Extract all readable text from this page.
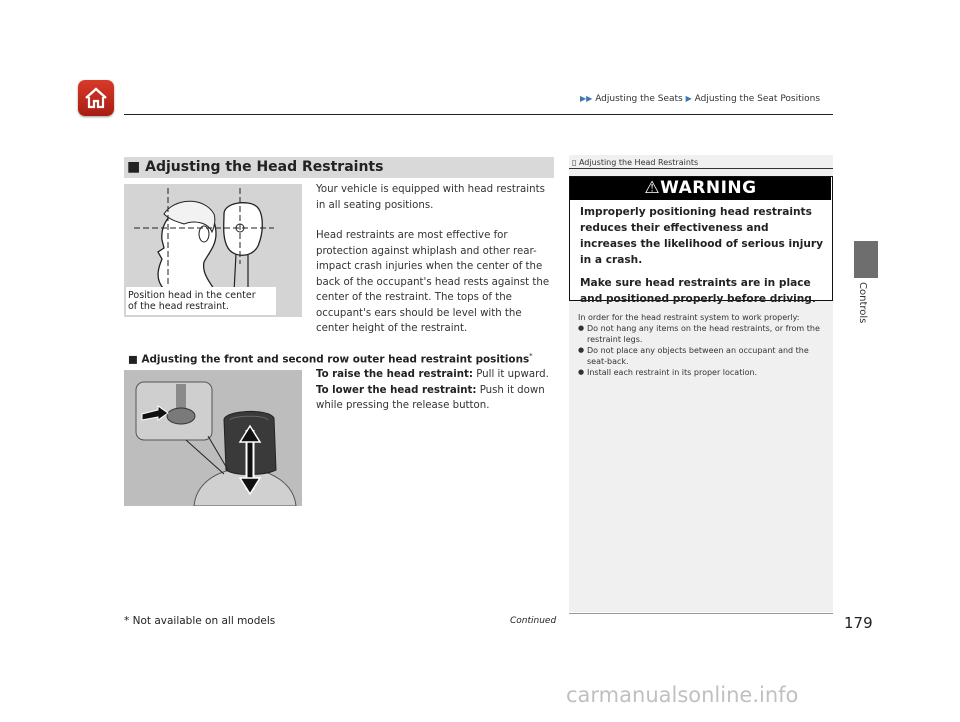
▶▶ Adjusting the Seats ▶ Adjusting the Seat Positions
Controls
■ Adjusting the Head Restraints
Position head in the center
of the head restraint.
Your vehicle is equipped with head restraints in all seating positions.
Head restraints are most effective for protection against whiplash and other rear-impact crash injuries when the center of the back of the occupant's head rests against the center of the restraint. The tops of the occupant's ears should be level with the center height of the restraint.
■ Adjusting the front and second row outer head restraint positions*
To raise the head restraint: Pull it upward.
To lower the head restraint: Push it down while pressing the release button.
▯ Adjusting the Head Restraints
⚠WARNING
Improperly positioning head restraints reduces their effectiveness and increases the likelihood of serious injury in a crash.
Make sure head restraints are in place and positioned properly before driving.
In order for the head restraint system to work properly:
● Do not hang any items on the head restraints, or from the restraint legs.
● Do not place any objects between an occupant and the seat-back.
● Install each restraint in its proper location.
* Not available on all models	Continued	179
carmanualsonline.info
